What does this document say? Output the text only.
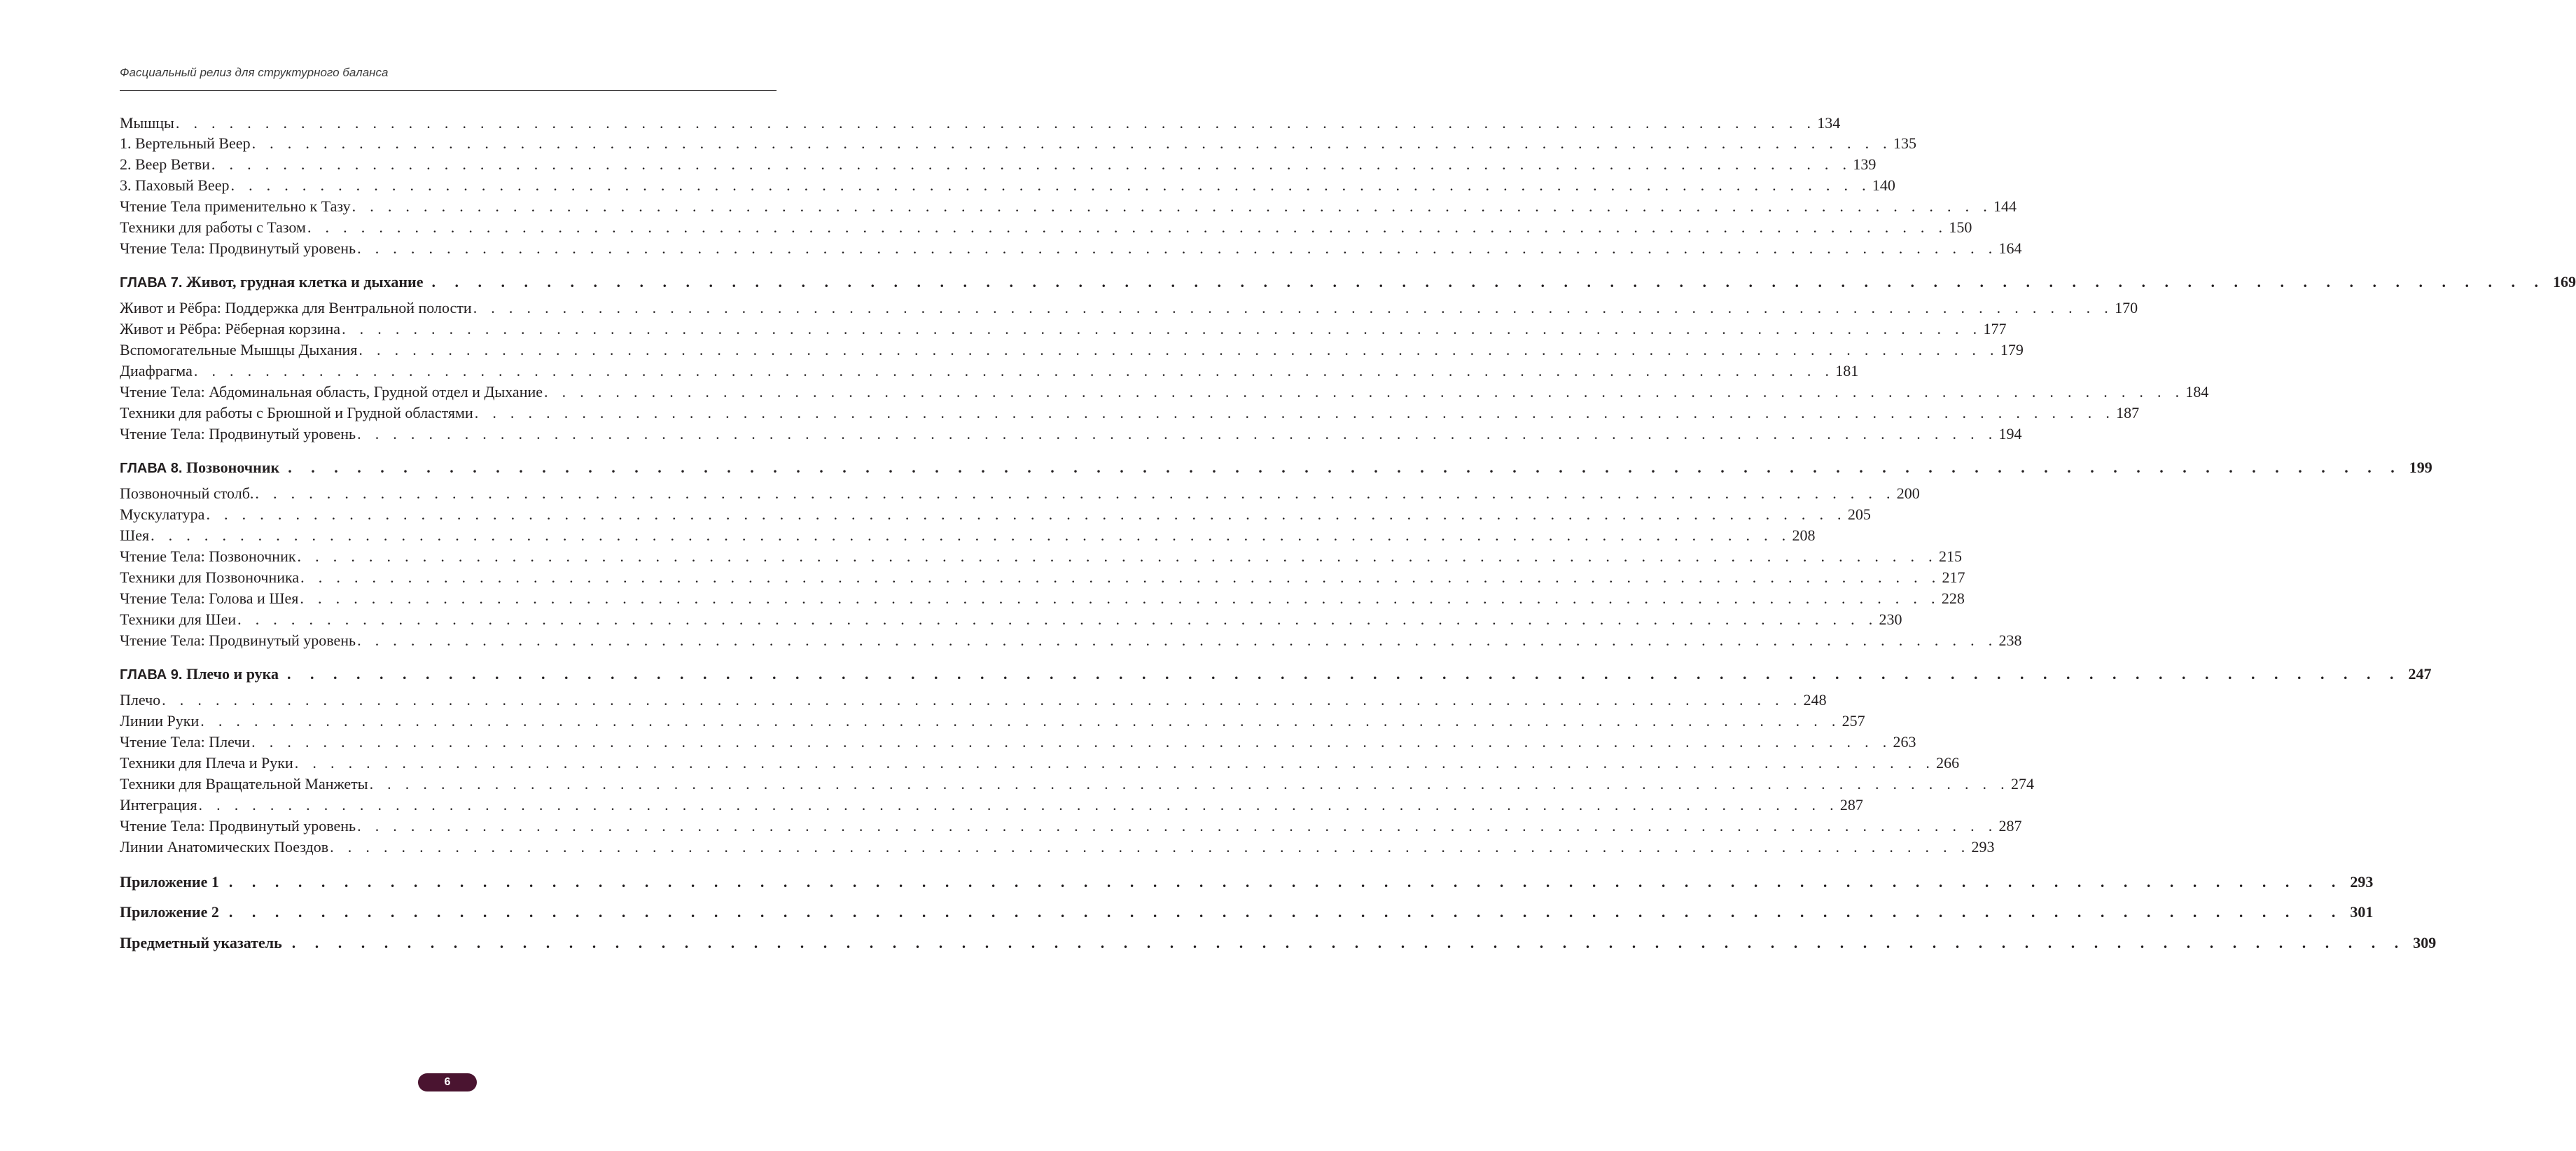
Фасциальный релиз для структурного баланса
Мышцы . . . . . . . . . . . . . . . . . . . . . . . . . . . . . . . . . . . . . . . . . . . . . . . . . . . . . . . . . . . . . . . . . . . . . . . . . . . . . . . . . . . . . . . . . . . . 134
1. Вертельный Веер . . . . . . . . . . . . . . . . . . . . . . . . . . . . . . . . . . . . . . . . . . . . . . . . . . . . . . . . . . . . . . . . . . . . . . . . . . . . . . . . . . . . . . . . . . . . 135
2. Веер Ветви . . . . . . . . . . . . . . . . . . . . . . . . . . . . . . . . . . . . . . . . . . . . . . . . . . . . . . . . . . . . . . . . . . . . . . . . . . . . . . . . . . . . . . . . . . . . 139
3. Паховый Веер . . . . . . . . . . . . . . . . . . . . . . . . . . . . . . . . . . . . . . . . . . . . . . . . . . . . . . . . . . . . . . . . . . . . . . . . . . . . . . . . . . . . . . . . . . . . 140
Чтение Тела применительно к Тазу . . . . . . . . . . . . . . . . . . . . . . . . . . . . . . . . . . . . . . . . . . . . . . . . . . . . . . . . . . . . . . . . . . . . . . . . . . . . . . . . . . . . . . . . . . . . 144
Техники для работы с Тазом . . . . . . . . . . . . . . . . . . . . . . . . . . . . . . . . . . . . . . . . . . . . . . . . . . . . . . . . . . . . . . . . . . . . . . . . . . . . . . . . . . . . . . . . . . . . 150
Чтение Тела: Продвинутый уровень . . . . . . . . . . . . . . . . . . . . . . . . . . . . . . . . . . . . . . . . . . . . . . . . . . . . . . . . . . . . . . . . . . . . . . . . . . . . . . . . . . . . . . . . . . . . 164
ГЛАВА 7. Живот, грудная клетка и дыхание . . . . . . . . . . . . . . . . . . . . . . . . . . . . . . . . . . . . . . . . . . . . . . . . . . . . . . . . . . . . . . . . . . . . . . . . . . . . . . . . . . . . . . . . . . . . 169
Живот и Рёбра: Поддержка для Вентральной полости . . . . . . . . . . . . . . . . . . . . . . . . . . . . . . . . . . . . . . . . . . . . . . . . . . . . . . . . . . . . . . . . . . . . . . . . . . . . . . . . . . . . . . . . . . . . 170
Живот и Рёбра: Рёберная корзина . . . . . . . . . . . . . . . . . . . . . . . . . . . . . . . . . . . . . . . . . . . . . . . . . . . . . . . . . . . . . . . . . . . . . . . . . . . . . . . . . . . . . . . . . . . . 177
Вспомогательные Мышцы Дыхания . . . . . . . . . . . . . . . . . . . . . . . . . . . . . . . . . . . . . . . . . . . . . . . . . . . . . . . . . . . . . . . . . . . . . . . . . . . . . . . . . . . . . . . . . . . . 179
Диафрагма . . . . . . . . . . . . . . . . . . . . . . . . . . . . . . . . . . . . . . . . . . . . . . . . . . . . . . . . . . . . . . . . . . . . . . . . . . . . . . . . . . . . . . . . . . . . 181
Чтение Тела: Абдоминальная область, Грудной отдел и Дыхание . . . . . . . . . . . . . . . . . . . . . . . . . . . . . . . . . . . . . . . . . . . . . . . . . . . . . . . . . . . . . . . . . . . . . . . . . . . . . . . . . . . . . . . . . . . . 184
Техники для работы с Брюшной и Грудной областями . . . . . . . . . . . . . . . . . . . . . . . . . . . . . . . . . . . . . . . . . . . . . . . . . . . . . . . . . . . . . . . . . . . . . . . . . . . . . . . . . . . . . . . . . . . . 187
Чтение Тела: Продвинутый уровень . . . . . . . . . . . . . . . . . . . . . . . . . . . . . . . . . . . . . . . . . . . . . . . . . . . . . . . . . . . . . . . . . . . . . . . . . . . . . . . . . . . . . . . . . . . . 194
ГЛАВА 8. Позвоночник . . . . . . . . . . . . . . . . . . . . . . . . . . . . . . . . . . . . . . . . . . . . . . . . . . . . . . . . . . . . . . . . . . . . . . . . . . . . . . . . . . . . . . . . . . . . 199
Позвоночный столб. . . . . . . . . . . . . . . . . . . . . . . . . . . . . . . . . . . . . . . . . . . . . . . . . . . . . . . . . . . . . . . . . . . . . . . . . . . . . . . . . . . . . . . . . . . . . 200
Мускулатура . . . . . . . . . . . . . . . . . . . . . . . . . . . . . . . . . . . . . . . . . . . . . . . . . . . . . . . . . . . . . . . . . . . . . . . . . . . . . . . . . . . . . . . . . . . . 205
Шея . . . . . . . . . . . . . . . . . . . . . . . . . . . . . . . . . . . . . . . . . . . . . . . . . . . . . . . . . . . . . . . . . . . . . . . . . . . . . . . . . . . . . . . . . . . . 208
Чтение Тела: Позвоночник . . . . . . . . . . . . . . . . . . . . . . . . . . . . . . . . . . . . . . . . . . . . . . . . . . . . . . . . . . . . . . . . . . . . . . . . . . . . . . . . . . . . . . . . . . . . 215
Техники для Позвоночника . . . . . . . . . . . . . . . . . . . . . . . . . . . . . . . . . . . . . . . . . . . . . . . . . . . . . . . . . . . . . . . . . . . . . . . . . . . . . . . . . . . . . . . . . . . . 217
Чтение Тела: Голова и Шея . . . . . . . . . . . . . . . . . . . . . . . . . . . . . . . . . . . . . . . . . . . . . . . . . . . . . . . . . . . . . . . . . . . . . . . . . . . . . . . . . . . . . . . . . . . . 228
Техники для Шеи . . . . . . . . . . . . . . . . . . . . . . . . . . . . . . . . . . . . . . . . . . . . . . . . . . . . . . . . . . . . . . . . . . . . . . . . . . . . . . . . . . . . . . . . . . . . 230
Чтение Тела: Продвинутый уровень . . . . . . . . . . . . . . . . . . . . . . . . . . . . . . . . . . . . . . . . . . . . . . . . . . . . . . . . . . . . . . . . . . . . . . . . . . . . . . . . . . . . . . . . . . . . 238
ГЛАВА 9. Плечо и рука . . . . . . . . . . . . . . . . . . . . . . . . . . . . . . . . . . . . . . . . . . . . . . . . . . . . . . . . . . . . . . . . . . . . . . . . . . . . . . . . . . . . . . . . . . . . 247
Плечо . . . . . . . . . . . . . . . . . . . . . . . . . . . . . . . . . . . . . . . . . . . . . . . . . . . . . . . . . . . . . . . . . . . . . . . . . . . . . . . . . . . . . . . . . . . . 248
Линии Руки . . . . . . . . . . . . . . . . . . . . . . . . . . . . . . . . . . . . . . . . . . . . . . . . . . . . . . . . . . . . . . . . . . . . . . . . . . . . . . . . . . . . . . . . . . . . 257
Чтение Тела: Плечи . . . . . . . . . . . . . . . . . . . . . . . . . . . . . . . . . . . . . . . . . . . . . . . . . . . . . . . . . . . . . . . . . . . . . . . . . . . . . . . . . . . . . . . . . . . . 263
Техники для Плеча и Руки . . . . . . . . . . . . . . . . . . . . . . . . . . . . . . . . . . . . . . . . . . . . . . . . . . . . . . . . . . . . . . . . . . . . . . . . . . . . . . . . . . . . . . . . . . . . 266
Техники для Вращательной Манжеты . . . . . . . . . . . . . . . . . . . . . . . . . . . . . . . . . . . . . . . . . . . . . . . . . . . . . . . . . . . . . . . . . . . . . . . . . . . . . . . . . . . . . . . . . . . . 274
Интеграция . . . . . . . . . . . . . . . . . . . . . . . . . . . . . . . . . . . . . . . . . . . . . . . . . . . . . . . . . . . . . . . . . . . . . . . . . . . . . . . . . . . . . . . . . . . . 287
Чтение Тела: Продвинутый уровень . . . . . . . . . . . . . . . . . . . . . . . . . . . . . . . . . . . . . . . . . . . . . . . . . . . . . . . . . . . . . . . . . . . . . . . . . . . . . . . . . . . . . . . . . . . . 287
Линии Анатомических Поездов . . . . . . . . . . . . . . . . . . . . . . . . . . . . . . . . . . . . . . . . . . . . . . . . . . . . . . . . . . . . . . . . . . . . . . . . . . . . . . . . . . . . . . . . . . . . 293
Приложение 1 . . . . . . . . . . . . . . . . . . . . . . . . . . . . . . . . . . . . . . . . . . . . . . . . . . . . . . . . . . . . . . . . . . . . . . . . . . . . . . . . . . . . . . . . . . . . 293
Приложение 2 . . . . . . . . . . . . . . . . . . . . . . . . . . . . . . . . . . . . . . . . . . . . . . . . . . . . . . . . . . . . . . . . . . . . . . . . . . . . . . . . . . . . . . . . . . . . 301
Предметный указатель . . . . . . . . . . . . . . . . . . . . . . . . . . . . . . . . . . . . . . . . . . . . . . . . . . . . . . . . . . . . . . . . . . . . . . . . . . . . . . . . . . . . . . . . . . . . 309
6
